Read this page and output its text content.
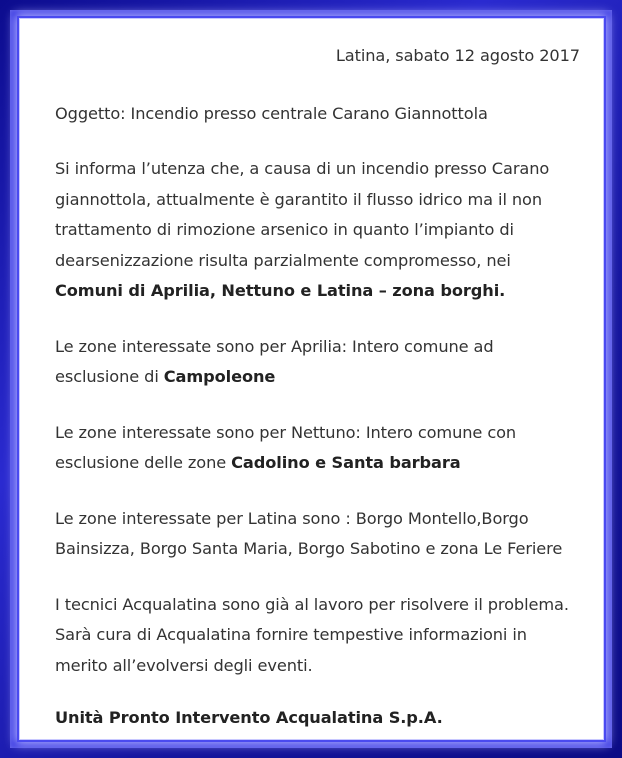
Latina, sabato 12 agosto 2017

Oggetto: Incendio presso centrale Carano Giannottola

Si informa l’utenza che, a causa di un incendio presso Carano giannottola, attualmente è garantito il flusso idrico ma il non trattamento di rimozione arsenico in quanto l’impianto di dearsenizzazione risulta parzialmente compromesso, nei Comuni di Aprilia, Nettuno e Latina – zona borghi.

Le zone interessate sono per Aprilia: Intero comune ad esclusione di Campoleone

Le zone interessate sono per Nettuno: Intero comune con esclusione delle zone Cadolino e Santa barbara

Le zone interessate per Latina sono : Borgo Montello,Borgo Bainsizza, Borgo Santa Maria, Borgo Sabotino e zona Le Feriere

I tecnici Acqualatina sono già al lavoro per risolvere il problema. Sarà cura di Acqualatina fornire tempestive informazioni in merito all’evolversi degli eventi.

Unità Pronto Intervento Acqualatina S.p.A.
